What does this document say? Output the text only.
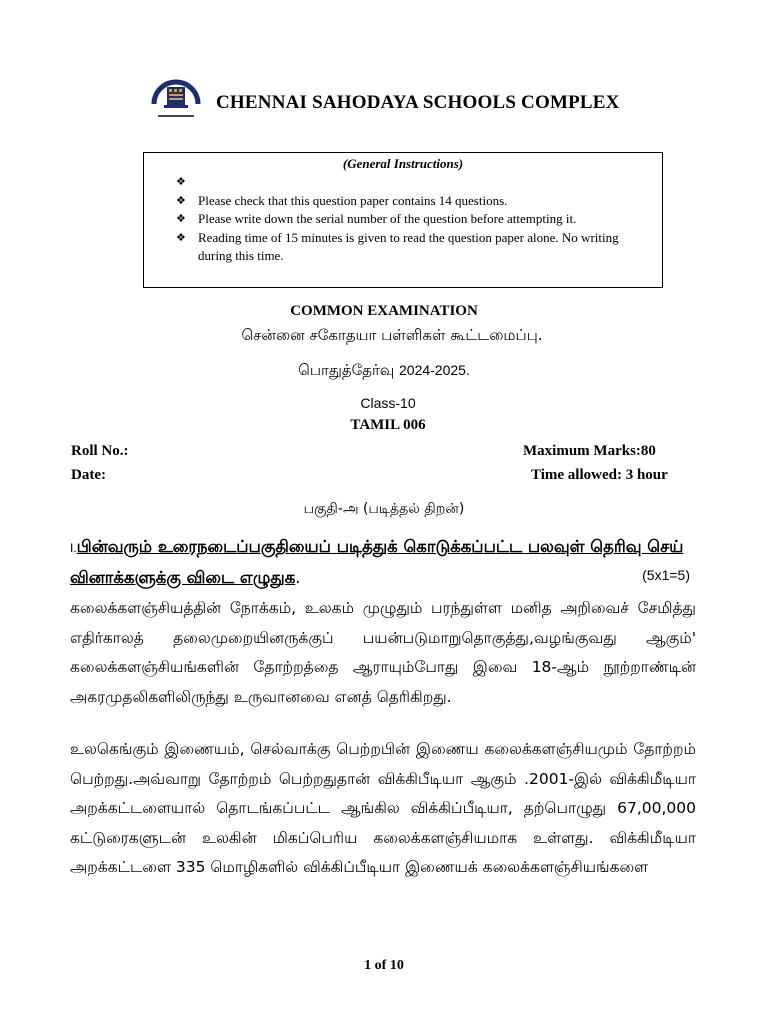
CHENNAI SAHODAYA SCHOOLS COMPLEX
(General Instructions)
❖
❖ Please check that this question paper contains 14 questions.
❖ Please write down the serial number of the question before attempting it.
❖ Reading time of 15 minutes is given to read the question paper alone. No writing during this time.
COMMON EXAMINATION
சென்னை சகோதயா பள்ளிகள் கூட்டமைப்பு.
பொதுத்தேர்வு 2024-2025.
Class-10
TAMIL 006
Roll No.:
Date:
Maximum Marks:80
Time allowed: 3 hour
பகுதி-அ (படித்தல் திறன்)
I.பின்வரும் உரைநடைப்பகுதியைப் படித்துக் கொடுக்கப்பட்ட பலவுள் தெரிவு செய் வினாக்களுக்கு விடை எழுதுக.	(5x1=5)
கலைக்களஞ்சியத்தின் நோக்கம், உலகம் முழுதும் பரந்துள்ள மனித அறிவைச் சேமித்து எதிர்காலத் தலைமுறையினருக்குப் பயன்படுமாறுதொகுத்து,வழங்குவது ஆகும்' கலைக்களஞ்சியங்களின் தோற்றத்தை ஆராயும்போது இவை 18-ஆம் நூற்றாண்டின் அகரமுதலிகளிலிருந்து உருவானவை எனத் தெரிகிறது.
உலகெங்கும் இணையம், செல்வாக்கு பெற்றபின் இணைய கலைக்களஞ்சியமும் தோற்றம் பெற்றது.அவ்வாறு தோற்றம் பெற்றதுதான் விக்கிபீடியா ஆகும் .2001-இல் விக்கிமீடியா அறக்கட்டளையால் தொடங்கப்பட்ட ஆங்கில விக்கிப்பீடியா, தற்பொழுது 67,00,000 கட்டுரைகளுடன் உலகின் மிகப்பெரிய கலைக்களஞ்சியமாக உள்ளது. விக்கிமீடியா அறக்கட்டளை 335 மொழிகளில் விக்கிப்பீடியா இணையக் கலைக்களஞ்சியங்களை
1 of 10
